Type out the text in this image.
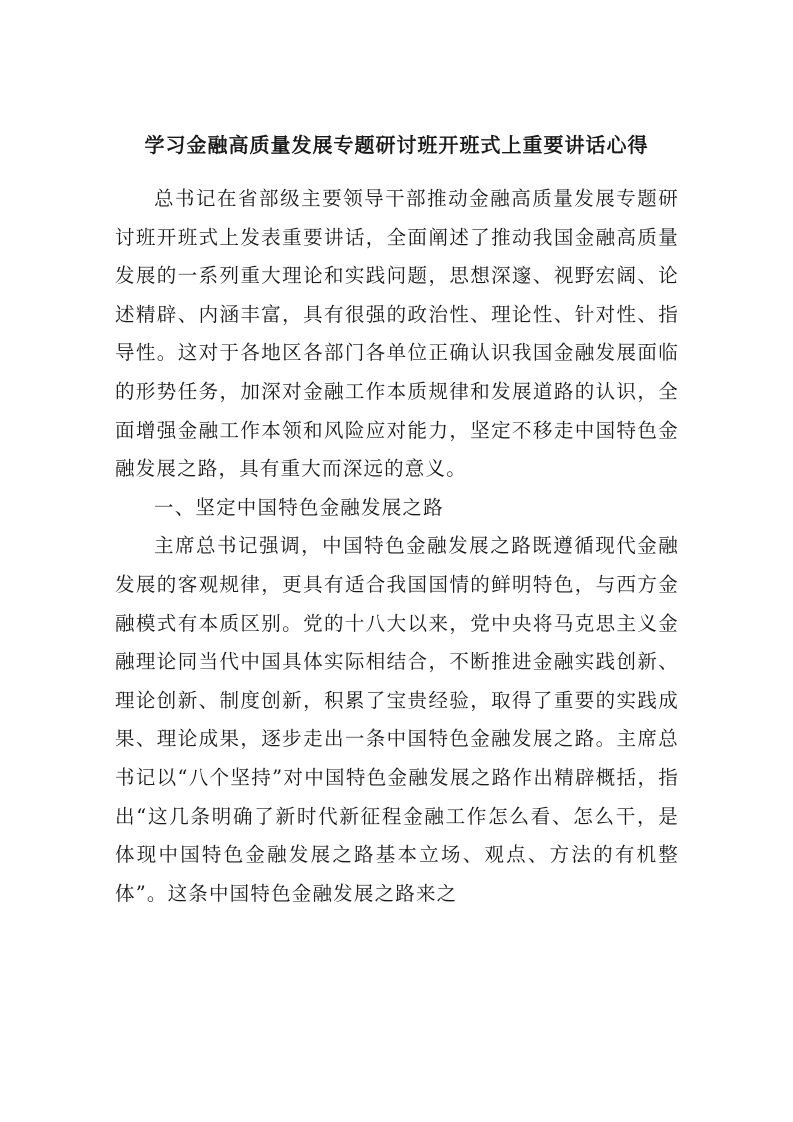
学习金融高质量发展专题研讨班开班式上重要讲话心得

总书记在省部级主要领导干部推动金融高质量发展专题研讨班开班式上发表重要讲话，全面阐述了推动我国金融高质量发展的一系列重大理论和实践问题，思想深邃、视野宏阔、论述精辟、内涵丰富，具有很强的政治性、理论性、针对性、指导性。这对于各地区各部门各单位正确认识我国金融发展面临的形势任务，加深对金融工作本质规律和发展道路的认识，全面增强金融工作本领和风险应对能力，坚定不移走中国特色金融发展之路，具有重大而深远的意义。

一、坚定中国特色金融发展之路

主席总书记强调，中国特色金融发展之路既遵循现代金融发展的客观规律，更具有适合我国国情的鲜明特色，与西方金融模式有本质区别。党的十八大以来，党中央将马克思主义金融理论同当代中国具体实际相结合，不断推进金融实践创新、理论创新、制度创新，积累了宝贵经验，取得了重要的实践成果、理论成果，逐步走出一条中国特色金融发展之路。主席总书记以“八个坚持”对中国特色金融发展之路作出精辟概括，指出“这几条明确了新时代新征程金融工作怎么看、怎么干，是体现中国特色金融发展之路基本立场、观点、方法的有机整体”。这条中国特色金融发展之路来之
